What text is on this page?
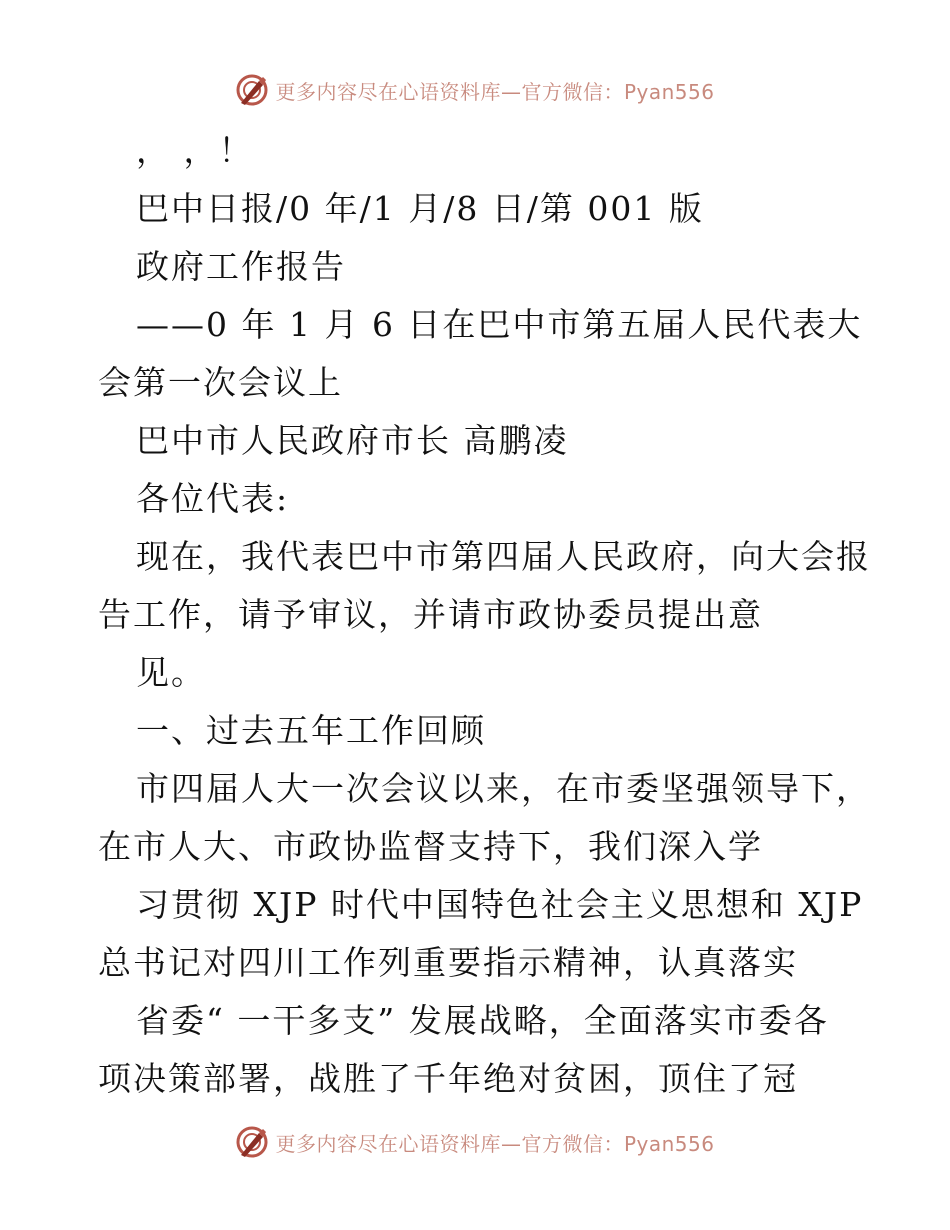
更多内容尽在心语资料库—官方微信：Pyan556
， ，！
巴中日报/0 年/1 月/8 日/第 001 版
政府工作报告
——0 年 1 月 6 日在巴中市第五届人民代表大
会第一次会议上
巴中市人民政府市长 高鹏凌
各位代表:
现在，我代表巴中市第四届人民政府，向大会报
告工作，请予审议，并请市政协委员提出意
见。
一、过去五年工作回顾
市四届人大一次会议以来，在市委坚强领导下，
在市人大、市政协监督支持下，我们深入学
习贯彻 XJP 时代中国特色社会主义思想和 XJP
总书记对四川工作列重要指示精神，认真落实
省委“ 一干多支” 发展战略，全面落实市委各
项决策部署，战胜了千年绝对贫困，顶住了冠
更多内容尽在心语资料库—官方微信：Pyan556
